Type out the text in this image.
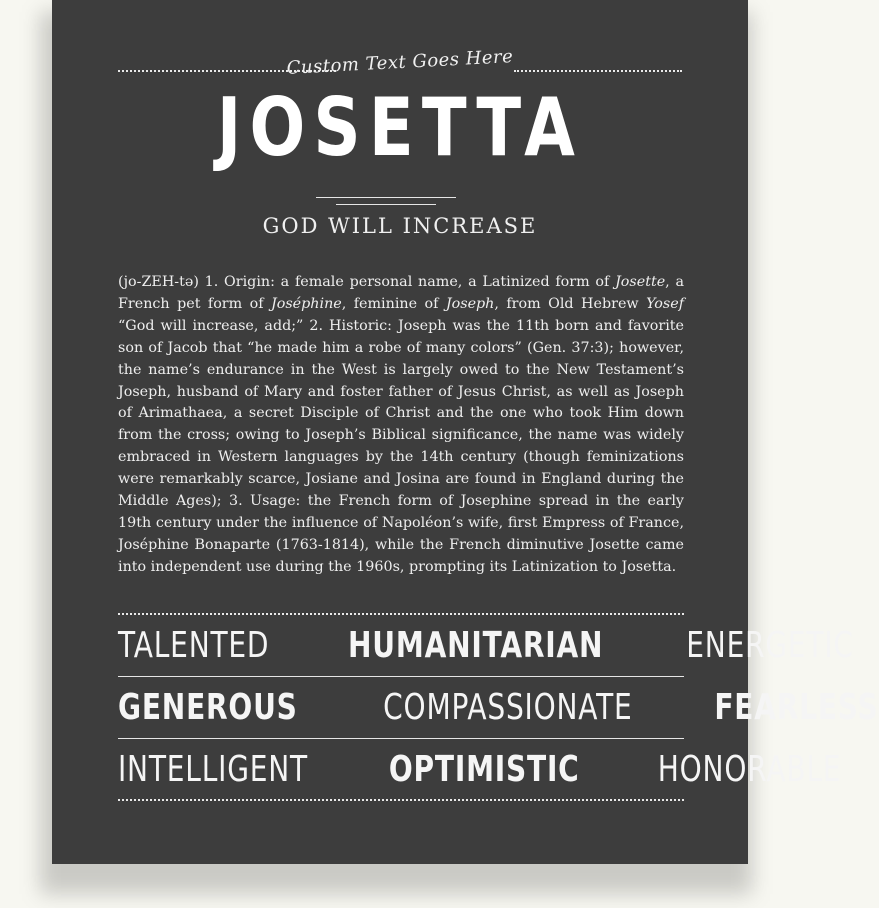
Custom Text Goes Here
JOSETTA
GOD WILL INCREASE
(jo-ZEH-tə) 1. Origin: a female personal name, a Latinized form of Josette, a French pet form of Joséphine, feminine of Joseph, from Old Hebrew Yosef “God will increase, add;” 2. Historic: Joseph was the 11th born and favorite son of Jacob that “he made him a robe of many colors” (Gen. 37:3); however, the name’s endurance in the West is largely owed to the New Testament’s Joseph, husband of Mary and foster father of Jesus Christ, as well as Joseph of Arimathaea, a secret Disciple of Christ and the one who took Him down from the cross; owing to Joseph’s Biblical significance, the name was widely embraced in Western languages by the 14th century (though feminizations were remarkably scarce, Josiane and Josina are found in England during the Middle Ages); 3. Usage: the French form of Josephine spread in the early 19th century under the influence of Napoléon’s wife, first Empress of France, Joséphine Bonaparte (1763-1814), while the French diminutive Josette came into independent use during the 1960s, prompting its Latinization to Josetta.
TALENTED HUMANITARIAN ENERGETIC
GENEROUS COMPASSIONATE FEARLESS
INTELLIGENT OPTIMISTIC HONORABLE
